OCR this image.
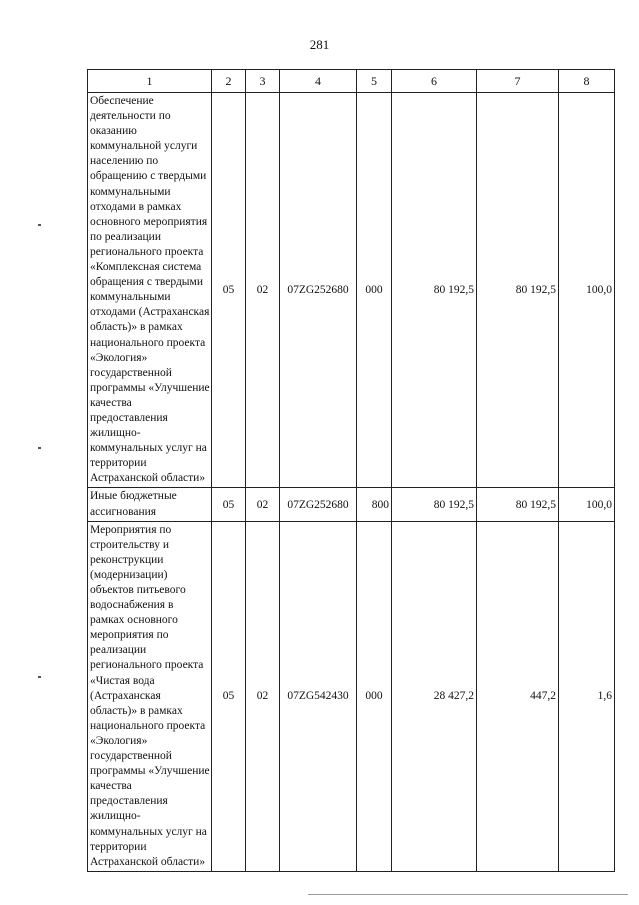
281
1	2	3	4	5	6	7	8
Обеспечение деятельности по оказанию коммунальной услуги населению по обращению с твердыми коммунальными отходами в рамках основного мероприятия по реализации регионального проекта «Комплексная система обращения с твердыми коммунальными отходами (Астраханская область)» в рамках национального проекта «Экология» государственной программы «Улучшение качества предоставления жилищно-коммунальных услуг на территории Астраханской области»	05	02	07ZG252680	000	80 192,5	80 192,5	100,0
Иные бюджетные ассигнования	05	02	07ZG252680	800	80 192,5	80 192,5	100,0
Мероприятия по строительству и реконструкции (модернизации) объектов питьевого водоснабжения в рамках основного мероприятия по реализации регионального проекта «Чистая вода (Астраханская область)» в рамках национального проекта «Экология» государственной программы «Улучшение качества предоставления жилищно-коммунальных услуг на территории Астраханской области»	05	02	07ZG542430	000	28 427,2	447,2	1,6
